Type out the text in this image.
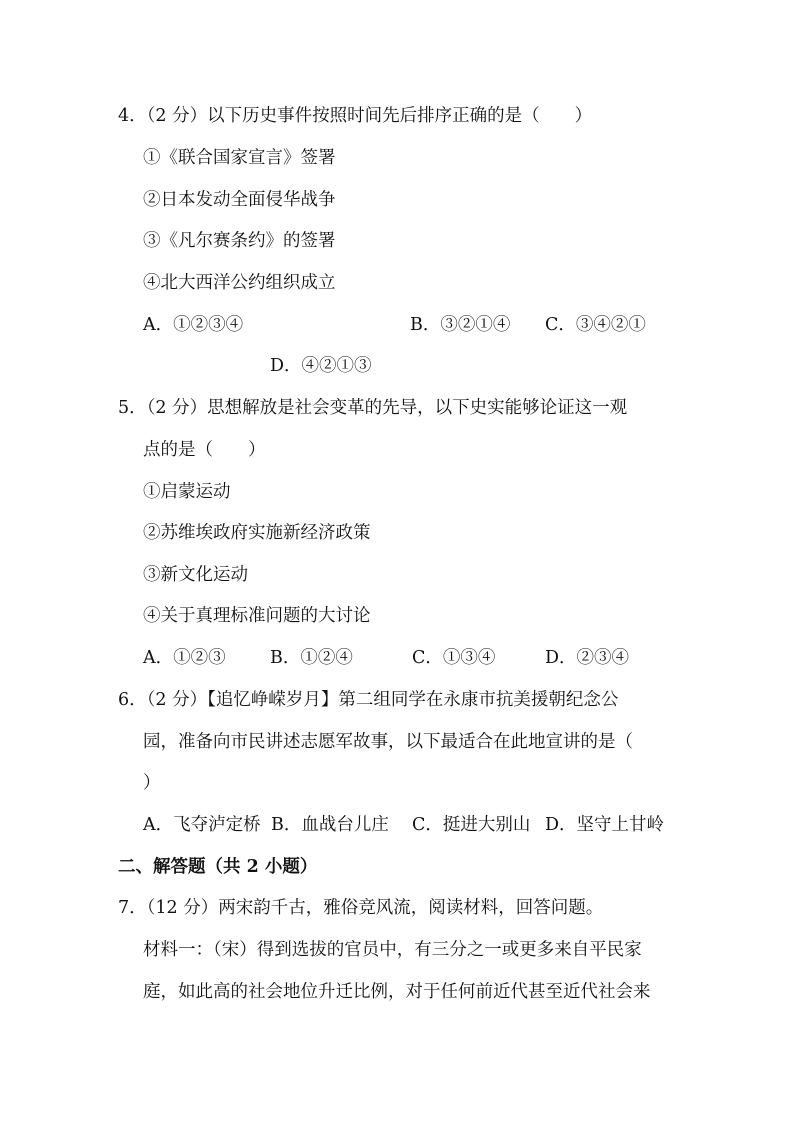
4．（2 分）以下历史事件按照时间先后排序正确的是（　　）
①《联合国家宣言》签署
②日本发动全面侵华战争
③《凡尔赛条约》的签署
④北大西洋公约组织成立
A．①②③④	B．③②①④ C．③④②①
D．④②①③
5．（2 分）思想解放是社会变革的先导，以下史实能够论证这一观
点的是（　　）
①启蒙运动
②苏维埃政府实施新经济政策
③新文化运动
④关于真理标准问题的大讨论
A．①②③	B．①②④	C．①③④	D．②③④
6．（2 分）【追忆峥嵘岁月】第二组同学在永康市抗美援朝纪念公
园，准备向市民讲述志愿军故事，以下最适合在此地宣讲的是（
）
A．飞夺泸定桥 B．血战台儿庄 C．挺进大别山 D．坚守上甘岭
二、解答题（共 2 小题）
7．（12 分）两宋韵千古，雅俗竞风流，阅读材料，回答问题。
材料一：（宋）得到选拔的官员中，有三分之一或更多来自平民家
庭，如此高的社会地位升迁比例，对于任何前近代甚至近代社会来
